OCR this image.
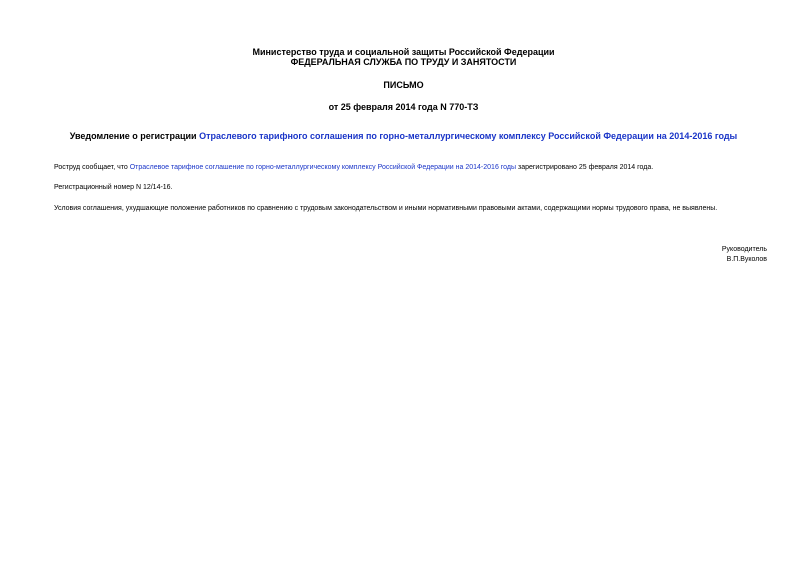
Министерство труда и социальной защиты Российской Федерации
ФЕДЕРАЛЬНАЯ СЛУЖБА ПО ТРУДУ И ЗАНЯТОСТИ
ПИСЬМО
от 25 февраля 2014 года N 770-ТЗ
Уведомление о регистрации Отраслевого тарифного соглашения по горно-металлургическому комплексу Российской Федерации на 2014-2016 годы
Роструд сообщает, что Отраслевое тарифное соглашение по горно-металлургическому комплексу Российской Федерации на 2014-2016 годы зарегистрировано 25 февраля 2014 года.
Регистрационный номер N 12/14-16.
Условия соглашения, ухудшающие положение работников по сравнению с трудовым законодательством и иными нормативными правовыми актами, содержащими нормы трудового права, не выявлены.
Руководитель
В.П.Вуколов
